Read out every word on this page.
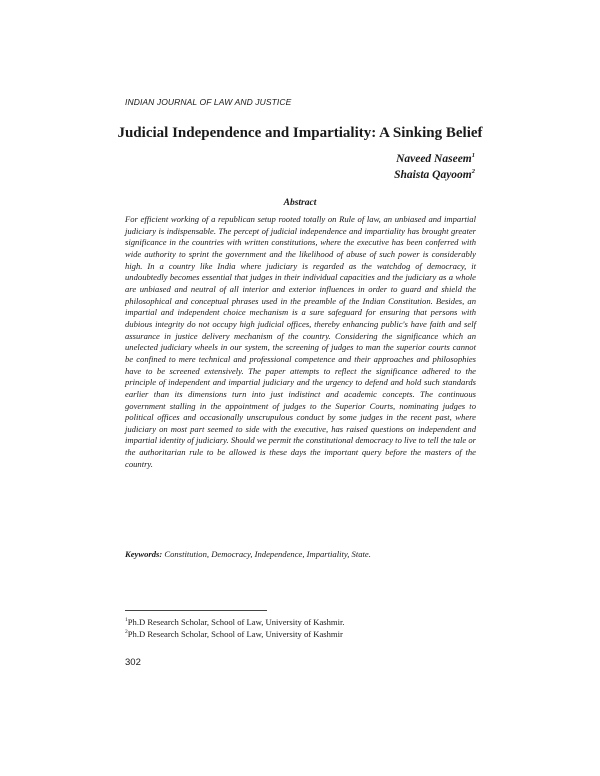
INDIAN JOURNAL OF LAW AND JUSTICE
Judicial Independence and Impartiality: A Sinking Belief
Naveed Naseem$^1$
Shaista Qayoom$^2$
Abstract

For efficient working of a republican setup rooted totally on Rule of law, an unbiased and impartial judiciary is indispensable. The percept of judicial independence and impartiality has brought greater significance in the countries with written constitutions, where the executive has been conferred with wide authority to sprint the government and the likelihood of abuse of such power is considerably high. In a country like India where judiciary is regarded as the watchdog of democracy, it undoubtedly becomes essential that judges in their individual capacities and the judiciary as a whole are unbiased and neutral of all interior and exterior influences in order to guard and shield the philosophical and conceptual phrases used in the preamble of the Indian Constitution. Besides, an impartial and independent choice mechanism is a sure safeguard for ensuring that persons with dubious integrity do not occupy high judicial offices, thereby enhancing public's have faith and self assurance in justice delivery mechanism of the country. Considering the significance which an unelected judiciary wheels in our system, the screening of judges to man the superior courts cannot be confined to mere technical and professional competence and their approaches and philosophies have to be screened extensively. The paper attempts to reflect the significance adhered to the principle of independent and impartial judiciary and the urgency to defend and hold such standards earlier than its dimensions turn into just indistinct and academic concepts. The continuous government stalling in the appointment of judges to the Superior Courts, nominating judges to political offices and occasionally unscrupulous conduct by some judges in the recent past, where judiciary on most part seemed to side with the executive, has raised questions on independent and impartial identity of judiciary. Should we permit the constitutional democracy to live to tell the tale or the authoritarian rule to be allowed is these days the important query before the masters of the country.

Keywords: Constitution, Democracy, Independence, Impartiality, State.
$^1$Ph.D Research Scholar, School of Law, University of Kashmir.
$^2$Ph.D Research Scholar, School of Law, University of Kashmir
302
